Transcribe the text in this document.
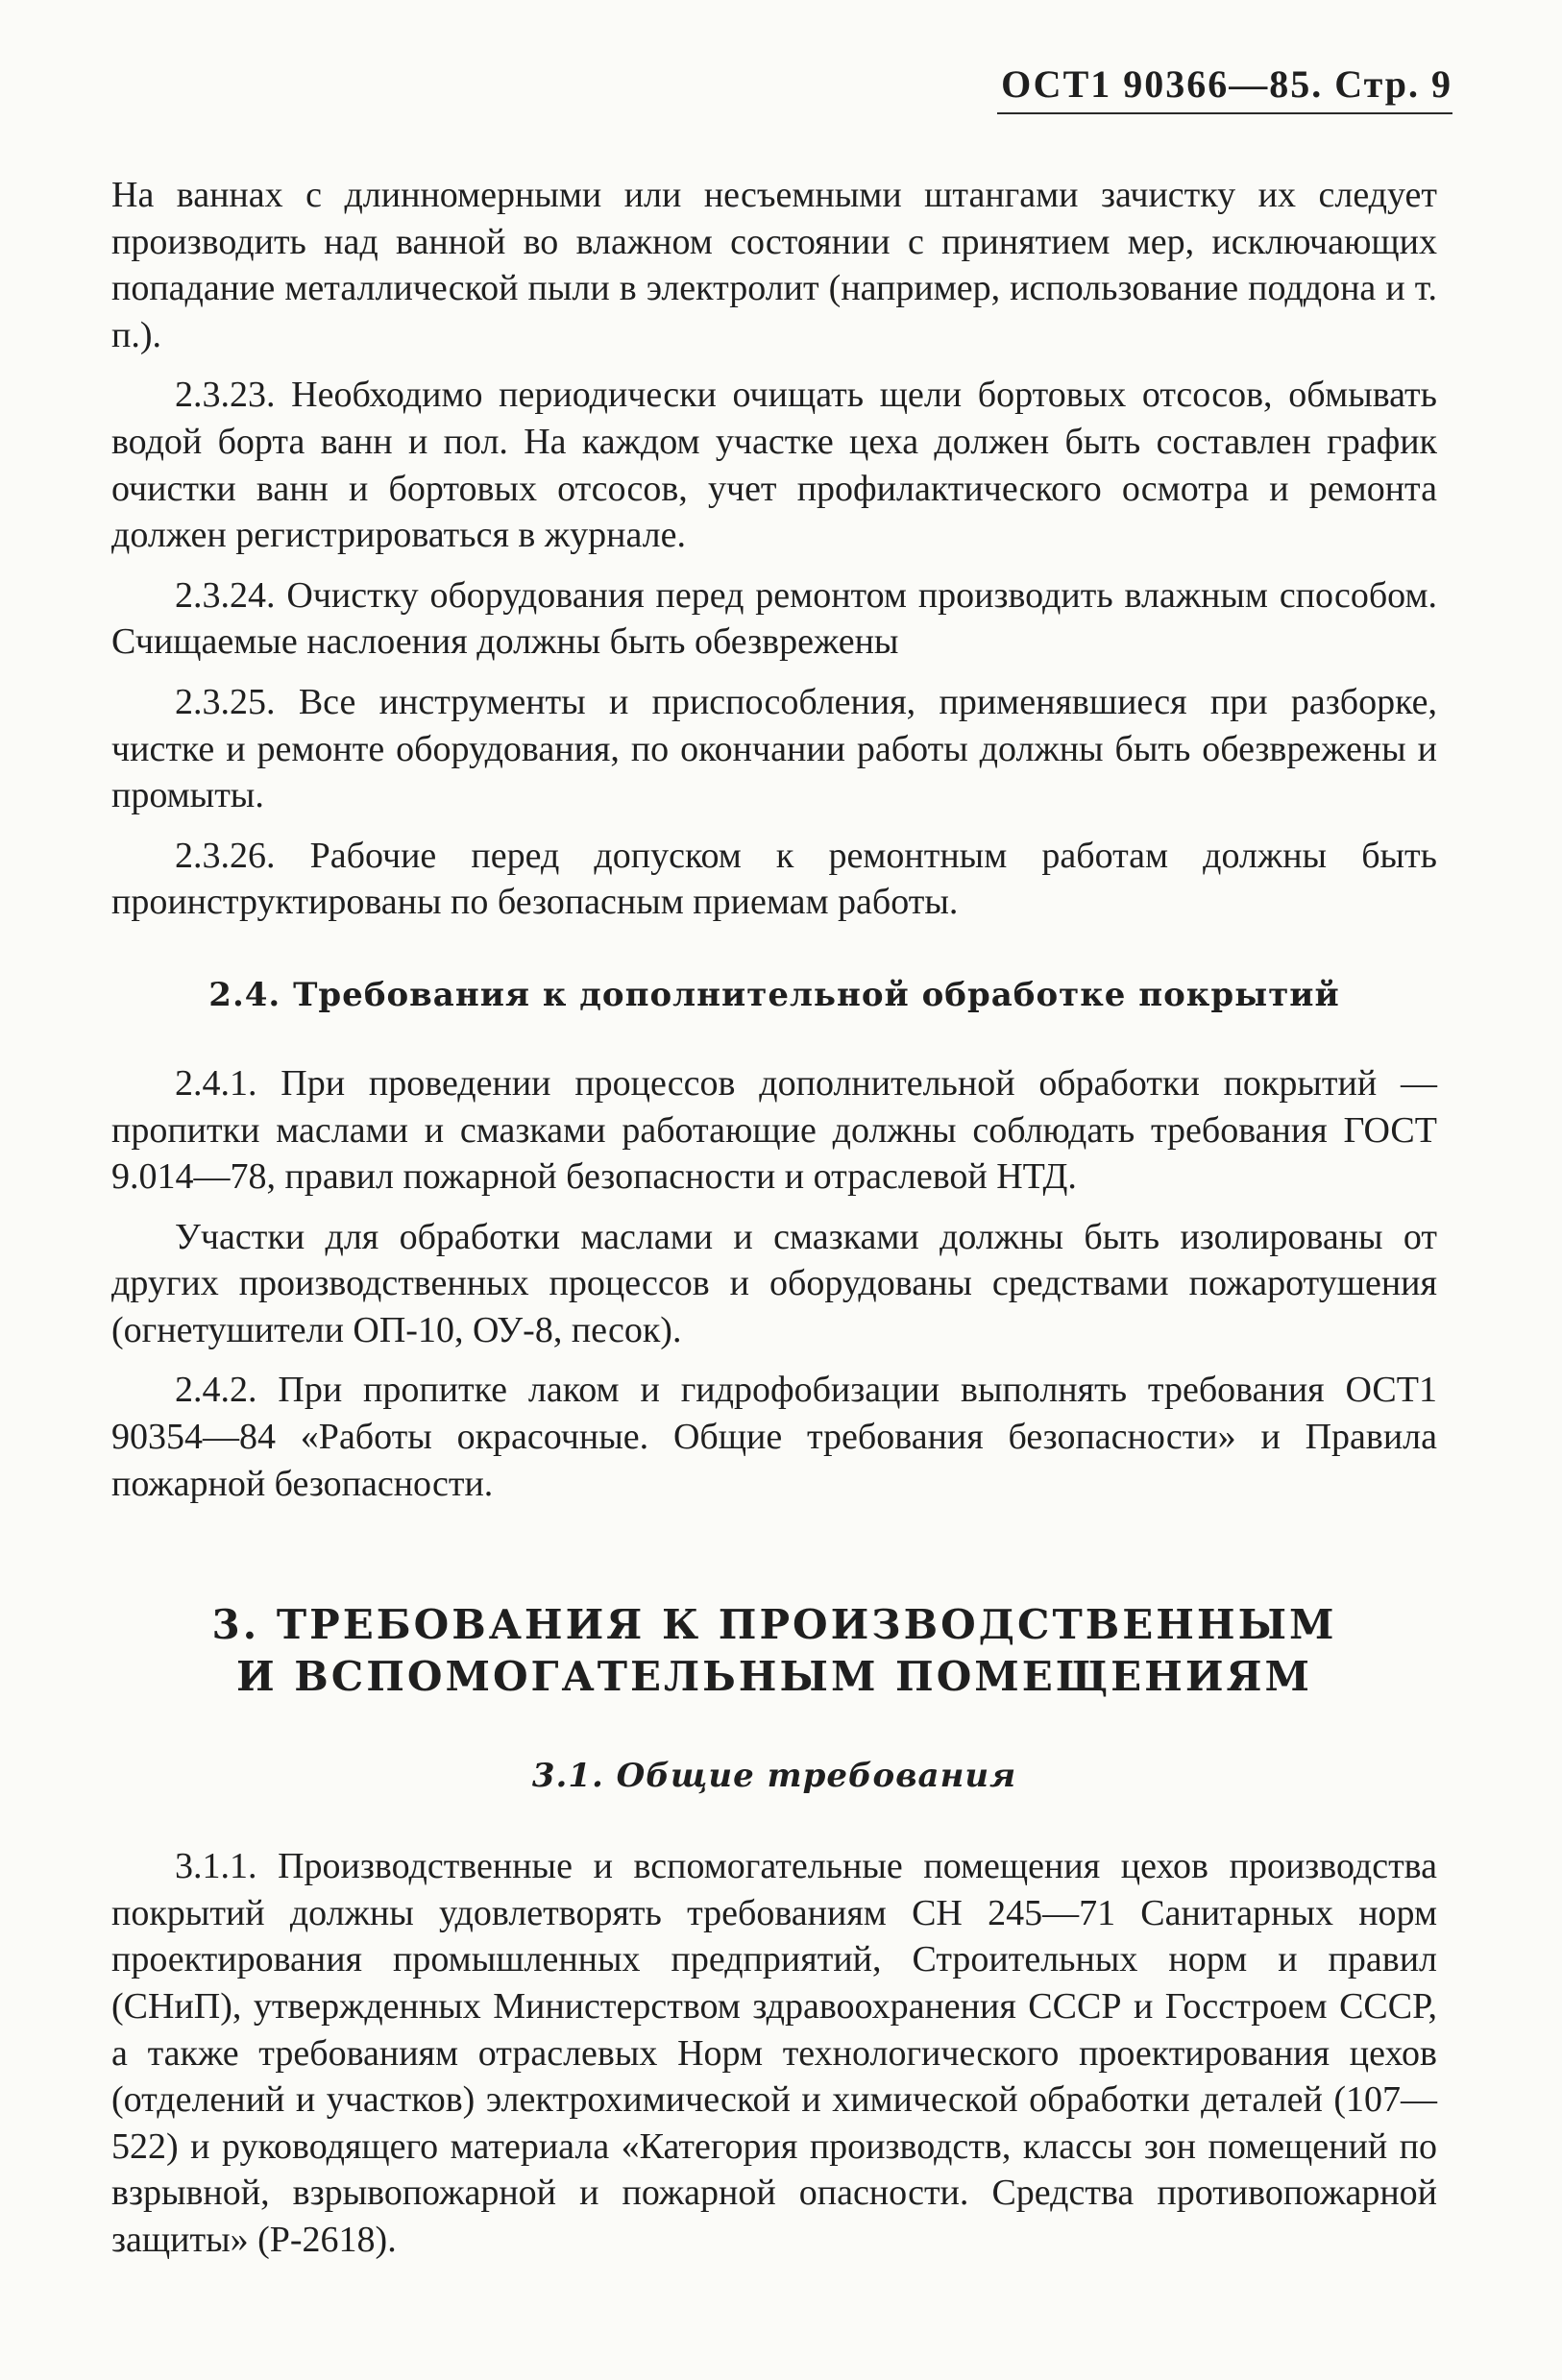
ОСТ1 90366—85. Стр. 9

На ваннах с длинномерными или несъемными штангами зачистку их следует производить над ванной во влажном состоянии с принятием мер, исключающих попадание металлической пыли в электролит (например, использование поддона и т. п.).

2.3.23. Необходимо периодически очищать щели бортовых отсосов, обмывать водой борта ванн и пол. На каждом участке цеха должен быть составлен график очистки ванн и бортовых отсосов, учет профилактического осмотра и ремонта должен регистрироваться в журнале.

2.3.24. Очистку оборудования перед ремонтом производить влажным способом. Счищаемые наслоения должны быть обезврежены

2.3.25. Все инструменты и приспособления, применявшиеся при разборке, чистке и ремонте оборудования, по окончании работы должны быть обезврежены и промыты.

2.3.26. Рабочие перед допуском к ремонтным работам должны быть проинструктированы по безопасным приемам работы.

2.4. Требования к дополнительной обработке покрытий

2.4.1. При проведении процессов дополнительной обработки покрытий — пропитки маслами и смазками работающие должны соблюдать требования ГОСТ 9.014—78, правил пожарной безопасности и отраслевой НТД.

Участки для обработки маслами и смазками должны быть изолированы от других производственных процессов и оборудованы средствами пожаротушения (огнетушители ОП-10, ОУ-8, песок).

2.4.2. При пропитке лаком и гидрофобизации выполнять требования ОСТ1 90354—84 «Работы окрасочные. Общие требования безопасности» и Правила пожарной безопасности.

3. ТРЕБОВАНИЯ К ПРОИЗВОДСТВЕННЫМ
И ВСПОМОГАТЕЛЬНЫМ ПОМЕЩЕНИЯМ
3.1. Общие требования

3.1.1. Производственные и вспомогательные помещения цехов производства покрытий должны удовлетворять требованиям СН 245—71 Санитарных норм проектирования промышленных предприятий, Строительных норм и правил (СНиП), утвержденных Министерством здравоохранения СССР и Госстроем СССР, а также требованиям отраслевых Норм технологического проектирования цехов (отделений и участков) электрохимической и химической обработки деталей (107—522) и руководящего материала «Категория производств, классы зон помещений по взрывной, взрывопожарной и пожарной опасности. Средства противопожарной защиты» (Р-2618).
